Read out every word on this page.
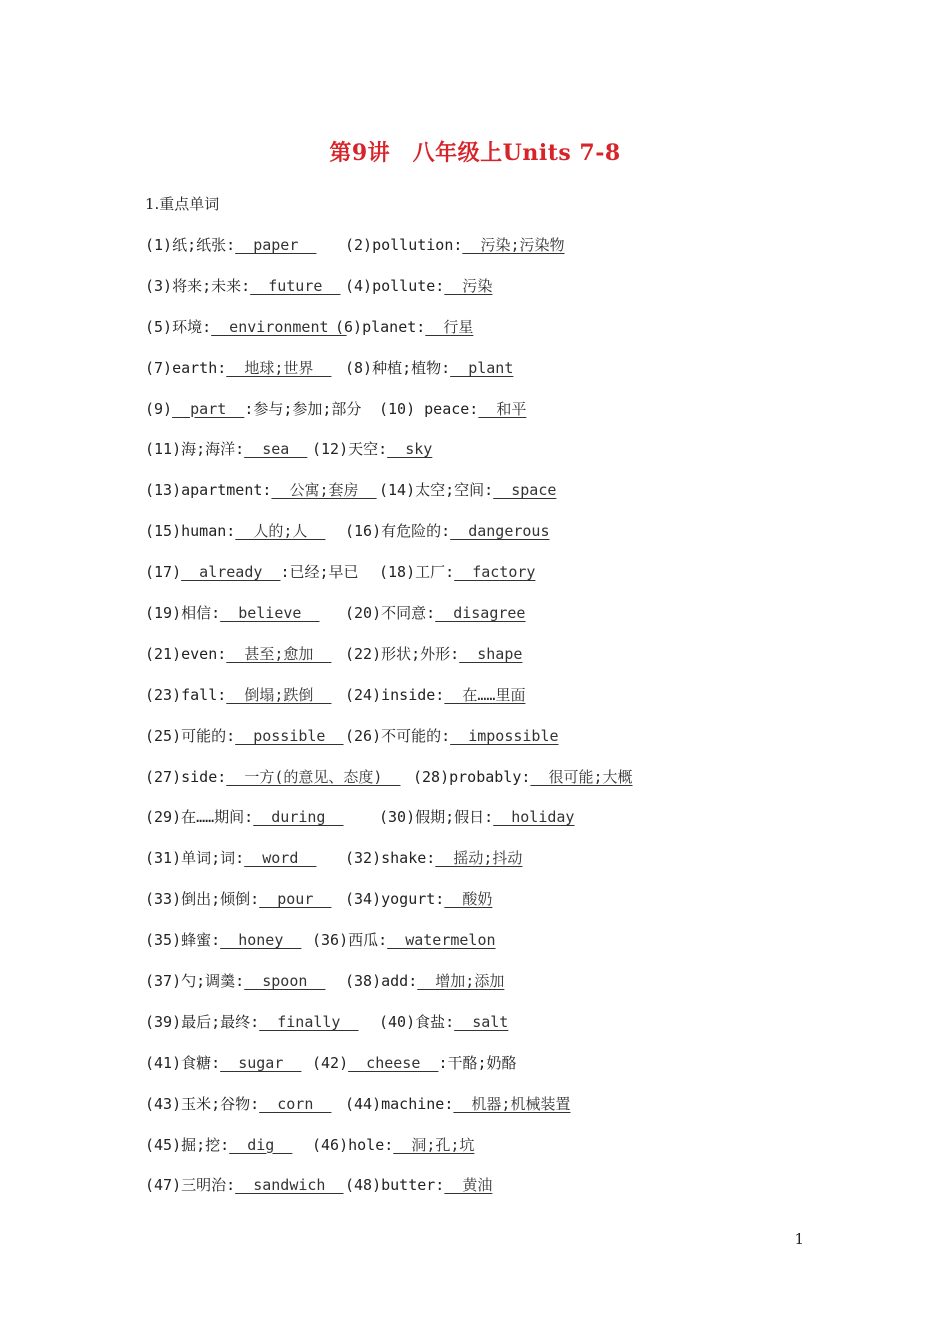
第9讲　八年级上Units 7-8
1.重点单词
(1)纸;纸张:  paper (2)pollution:  污染;污染物
(3)将来;未来:  future (4)pollute:  污染
(5)环境:  environment
(6)planet:  行星
(7)earth:  地球;世界 (8)种植;植物:  plant
(9)  part  :参与;参加;部分 (10) peace:  和平
(11)海;海洋:  sea (12)天空:  sky
(13)apartment:  公寓;套房 (14)太空;空间:  space
(15)human:  人的;人 (16)有危险的:  dangerous
(17)  already  :已经;早已 (18)工厂:  factory
(19)相信:  believe (20)不同意:  disagree
(21)even:  甚至;愈加 (22)形状;外形:  shape
(23)fall:  倒塌;跌倒 (24)inside:  在……里面
(25)可能的:  possible (26)不可能的:  impossible
(27)side:  一方(的意见、态度) (28)probably:  很可能;大概
(29)在……期间:  during (30)假期;假日:  holiday
(31)单词;词:  word (32)shake:  摇动;抖动
(33)倒出;倾倒:  pour (34)yogurt:  酸奶
(35)蜂蜜:  honey (36)西瓜:  watermelon
(37)勺;调羹:  spoon (38)add:  增加;添加
(39)最后;最终:  finally (40)食盐:  salt
(41)食糖:  sugar (42)  cheese  :干酪;奶酪
(43)玉米;谷物:  corn (44)machine:  机器;机械装置
(45)掘;挖:  dig (46)hole:  洞;孔;坑
(47)三明治:  sandwich (48)butter:  黄油
1
